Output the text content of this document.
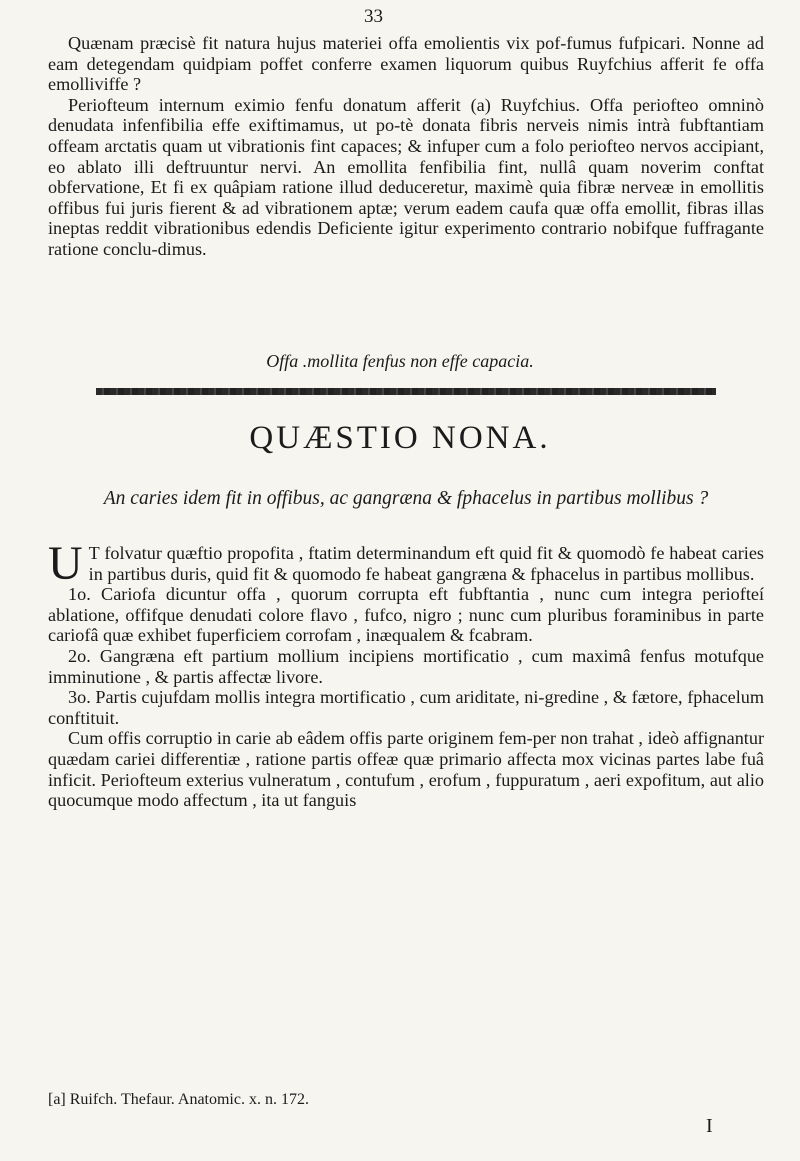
33

Quænam præcisè fit natura hujus materiei offa emolientis vix pof-fumus fufpicari. Nonne ad eam detegendam quidpiam poffet conferre examen liquorum quibus Ruyfchius afferit fe offa emolliviffe ?

Periofteum internum eximio fenfu donatum afferit (a) Ruyfchius. Offa periofteo omninò denudata infenfibilia effe exiftimamus, ut po-tè donata fibris nerveis nimis intrà fubftantiam offeam arctatis quam ut vibrationis fint capaces; & infuper cum a folo periofteo nervos accipiant, eo ablato illi deftruuntur nervi. An emollita fenfibilia fint, nullâ quam noverim conftat obfervatione, Et fi ex quâpiam ratione illud deduceretur, maximè quia fibræ nerveæ in emollitis offibus fui juris fierent & ad vibrationem aptæ; verum eadem caufa quæ offa emollit, fibras illas ineptas reddit vibrationibus edendis Deficiente igitur experimento contrario nobifque fuffragante ratione conclu-dimus.

Offa .mollita fenfus non effe capacia.
QUÆSTIO NONA.
An caries idem fit in offibus, ac gangræna & fphacelus in partibus mollibus ?

U T folvatur quæftio propofita , ftatim determinandum eft quid fit & quomodò fe habeat caries in partibus duris, quid fit & quomodo fe habeat gangræna & fphacelus in partibus mollibus.

1o. Cariofa dicuntur offa , quorum corrupta eft fubftantia , nunc cum integra periofteí ablatione, offifque denudati colore flavo , fufco, nigro ; nunc cum pluribus foraminibus in parte cariofâ quæ exhibet fuperficiem corrofam , inæqualem & fcabram.

2o. Gangræna eft partium mollium incipiens mortificatio , cum maximâ fenfus motufque imminutione , & partis affectæ livore.

3o. Partis cujufdam mollis integra mortificatio , cum ariditate, ni-gredine , & fætore, fphacelum conftituit.

Cum offis corruptio in carie ab eâdem offis parte originem fem-per non trahat , ideò affignantur quædam cariei differentiæ , ratione partis offeæ quæ primario affecta mox vicinas partes labe fuâ inficit. Periofteum exterius vulneratum , contufum , erofum , fuppuratum , aeri expofitum, aut alio quocumque modo affectum , ita ut fanguis

[a] Ruifch. Thefaur. Anatomic. x. n. 172.
I
